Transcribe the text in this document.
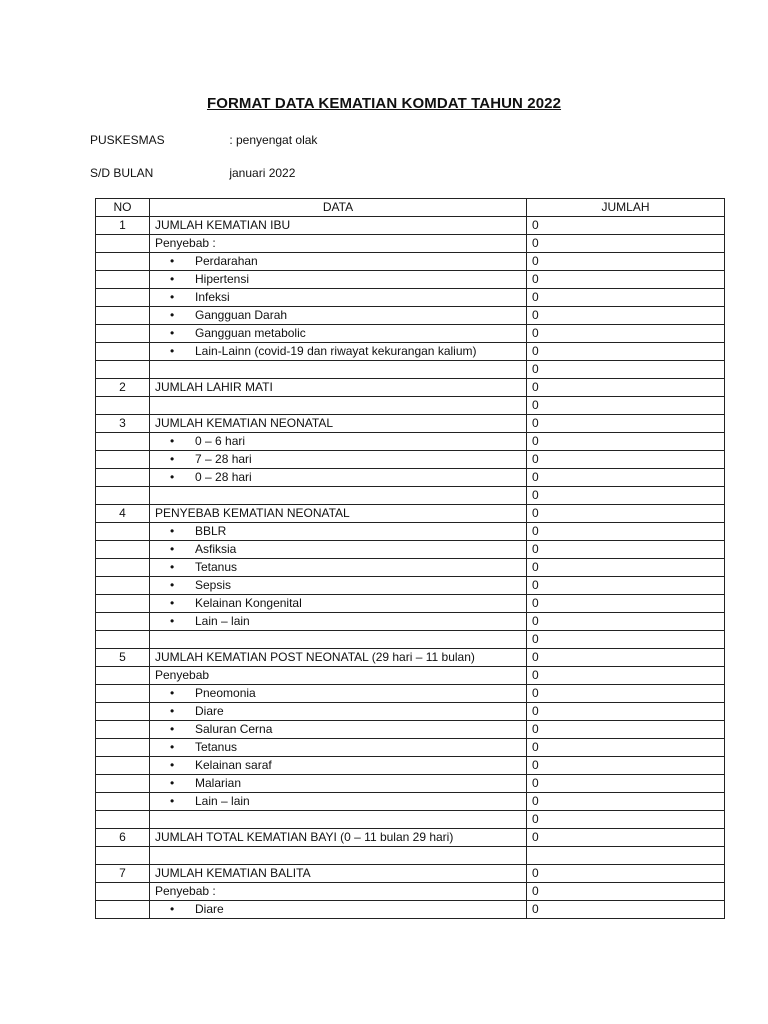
FORMAT DATA KEMATIAN KOMDAT TAHUN 2022
PUSKESMAS	: penyengat olak
S/D BULAN	januari 2022
NO	DATA	JUMLAH
1	JUMLAH KEMATIAN IBU	0
	Penyebab :	0
	• Perdarahan	0
	• Hipertensi	0
	• Infeksi	0
	• Gangguan Darah	0
	• Gangguan metabolic	0
	• Lain-Lainn (covid-19 dan riwayat kekurangan kalium)	0
		0
2	JUMLAH LAHIR MATI	0
		0
3	JUMLAH KEMATIAN NEONATAL	0
	• 0 – 6 hari	0
	• 7 – 28 hari	0
	• 0 – 28 hari	0
		0
4	PENYEBAB KEMATIAN NEONATAL	0
	• BBLR	0
	• Asfiksia	0
	• Tetanus	0
	• Sepsis	0
	• Kelainan Kongenital	0
	• Lain – lain	0
		0
5	JUMLAH KEMATIAN POST NEONATAL (29 hari – 11 bulan)	0
	Penyebab	0
	• Pneomonia	0
	• Diare	0
	• Saluran Cerna	0
	• Tetanus	0
	• Kelainan saraf	0
	• Malarian	0
	• Lain – lain	0
		0
6	JUMLAH TOTAL KEMATIAN BAYI (0 – 11 bulan 29 hari)	0

7	JUMLAH KEMATIAN BALITA	0
	Penyebab :	0
	• Diare	0
